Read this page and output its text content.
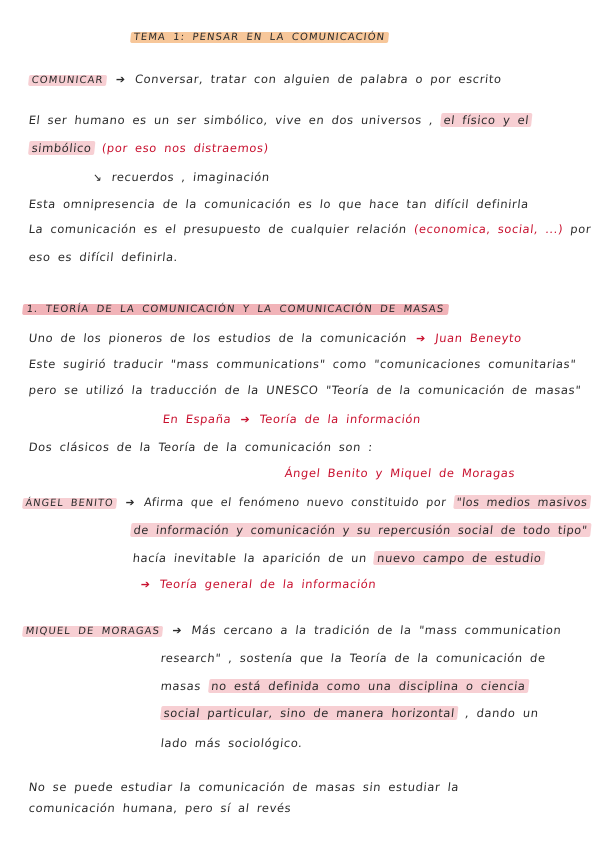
TEMA 1: PENSAR EN LA COMUNICACIÓN
COMUNICAR ➔ Conversar, tratar con alguien de palabra o por escrito
El ser humano es un ser simbólico, vive en dos universos , el físico y el
simbólico (por eso nos distraemos)
↘ recuerdos , imaginación
Esta omnipresencia de la comunicación es lo que hace tan difícil definirla
La comunicación es el presupuesto de cualquier relación (economica, social, ...) por
eso es difícil definirla.
1. TEORÍA DE LA COMUNICACIÓN Y LA COMUNICACIÓN DE MASAS
Uno de los pioneros de los estudios de la comunicación ➔ Juan Beneyto
Este sugirió traducir "mass communications" como "comunicaciones comunitarias"
pero se utilizó la traducción de la UNESCO "Teoría de la comunicación de masas"
En España ➔ Teoría de la información
Dos clásicos de la Teoría de la comunicación son :
Ángel Benito y Miquel de Moragas
ÁNGEL BENITO ➔ Afirma que el fenómeno nuevo constituido por "los medios masivos
de información y comunicación y su repercusión social de todo tipo"
hacía inevitable la aparición de un nuevo campo de estudio
➔ Teoría general de la información
MIQUEL DE MORAGAS ➔ Más cercano a la tradición de la "mass communication
research" , sostenía que la Teoría de la comunicación de
masas no está definida como una disciplina o ciencia
social particular, sino de manera horizontal , dando un
lado más sociológico.
No se puede estudiar la comunicación de masas sin estudiar la
comunicación humana, pero sí al revés
